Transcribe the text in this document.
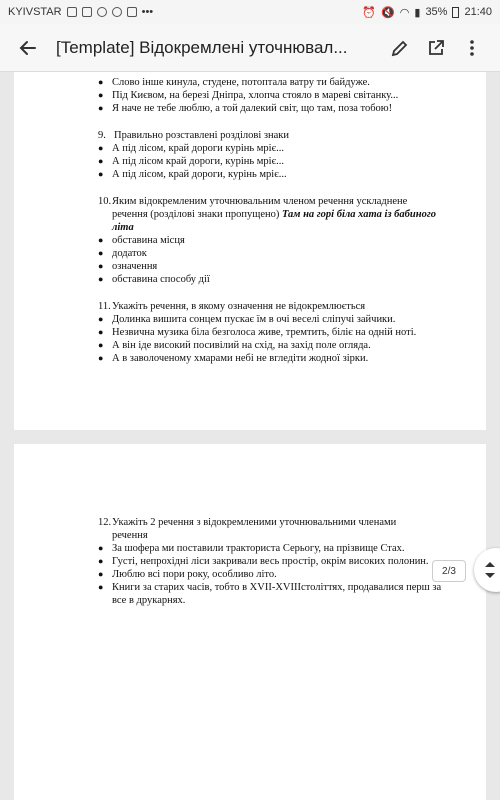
KYIVSTAR	•••	⏰ 🔇 ◠ ▮ 35% 21:40
[Template] Відокремлені уточнювал...
● Слово інше кинула, студене, потоптала ватру ти байдуже.
● Під Києвом, на березі Дніпра, хлопча стояло в мареві світанку...
● Я наче не тебе люблю, а той далекий світ, що там, поза тобою!
9. Правильно розставлені розділові знаки
● А під лісом, край дороги курінь мріє...
● А під лісом край дороги, курінь мріє...
● А під лісом, край дороги, курінь мріє...
10. Яким відокремленим уточнювальним членом речення ускладнене речення (розділові знаки пропущено) Там на горі біла хата із бабиного літа
● обставина місця
● додаток
● означення
● обставина способу дії
11. Укажіть речення, в якому означення не відокремлюється
● Долинка вишита сонцем пускає їм в очі веселі сліпучі зайчики.
● Незвична музика біла безголоса живе, тремтить, біліє на одній ноті.
● А він іде високий посивілий на схід, на захід поле огляда.
● А в заволоченому хмарами небі не вгледіти жодної зірки.
12. Укажіть 2 речення з відокремленими уточнювальними членами речення
● За шофера ми поставили тракториста Серьогу, на прізвище Стах.
● Густі, непрохідні ліси закривали весь простір, окрім високих полонин.
● Люблю всі пори року, особливо літо.
● Книги за старих часів, тобто в XVII-XVIIIстоліттях, продавалися перш за все в друкарнях.
2/3
